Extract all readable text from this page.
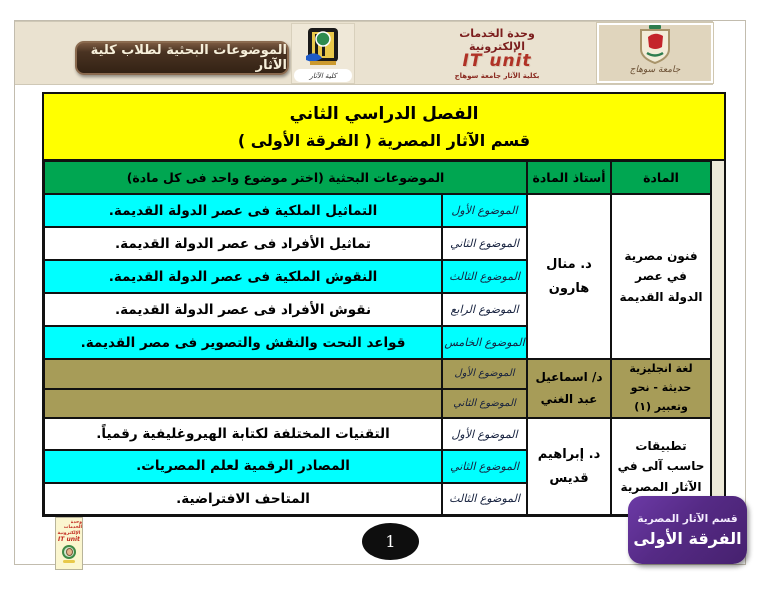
الموضوعات البحثية لطلاب كلية الآثار
كلية الآثار
وحدة الخدمات
الإلكترونية
IT unit
بكلية الآثار جامعة سوهاج
جامعة سوهاج
الفصل الدراسي الثاني
قسم الآثار المصرية ( الفرقة الأولى )
المادة
أستاذ المادة
الموضوعات البحثية (اختر موضوع واحد فى كل مادة)
فنون مصرية في عصر الدولة القديمة
د. منال هارون
الموضوع الأول
التماثيل الملكية فى عصر الدولة القديمة.
الموضوع الثاني
تماثيل الأفراد فى عصر الدولة القديمة.
الموضوع الثالث
النقوش الملكية فى عصر الدولة القديمة.
الموضوع الرابع
نقوش الأفراد فى عصر الدولة القديمة.
الموضوع الخامس
قواعد النحت والنقش والتصوير فى مصر القديمة.
لغة انجليزية حديثة - نحو وتعبير (١)
د/ اسماعيل عبد الغني
الموضوع الأول
الموضوع الثاني
تطبيقات حاسب آلى في الآثار المصرية
د. إبراهيم قديس
الموضوع الأول
التقنيات المختلفة لكتابة الهيروغليفية رقمياً.
الموضوع الثاني
المصادر الرقمية لعلم المصريات.
الموضوع الثالث
المتاحف الافتراضية.
قسم الآثار المصرية
الفرقة الأولى
1
وحدة الخدمات
الإلكترونية
IT unit
